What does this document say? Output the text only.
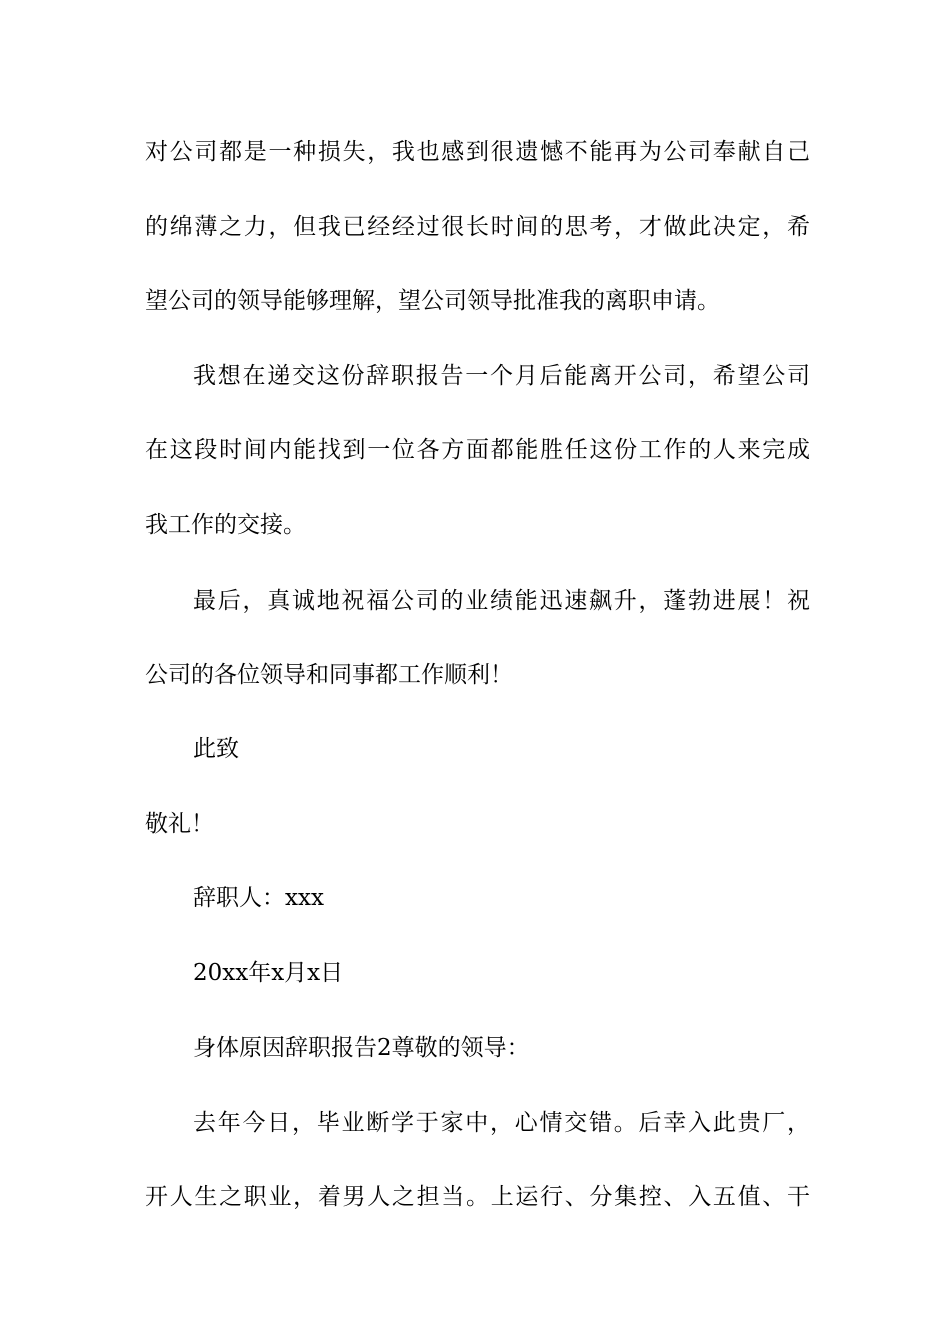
对公司都是一种损失，我也感到很遗憾不能再为公司奉献自己
的绵薄之力，但我已经经过很长时间的思考，才做此决定，希
望公司的领导能够理解，望公司领导批准我的离职申请。
我想在递交这份辞职报告一个月后能离开公司，希望公司
在这段时间内能找到一位各方面都能胜任这份工作的人来完成
我工作的交接。
最后，真诚地祝福公司的业绩能迅速飙升，蓬勃进展！祝
公司的各位领导和同事都工作顺利！
此致
敬礼！
辞职人：xxx
20xx年x月x日
身体原因辞职报告2尊敬的领导：
去年今日，毕业断学于家中，心情交错。后幸入此贵厂，
开人生之职业，着男人之担当。上运行、分集控、入五值、干
